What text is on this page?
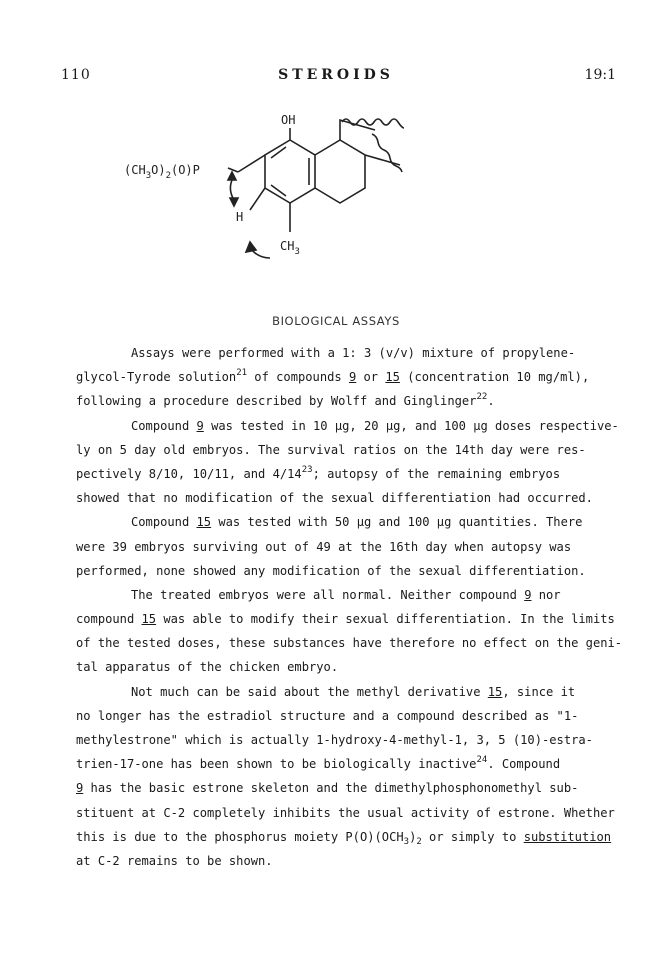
110	STEROIDS	19:1
OH
$(CH_3O)_2(O)P$
H
$CH_3$
BIOLOGICAL ASSAYS
Assays were performed with a 1: 3 (v/v) mixture of propylene-
glycol-Tyrode solution$^{21}$ of compounds 9 or 15 (concentration 10 mg/ml),
following a procedure described by Wolff and Ginglinger$^{22}$.
Compound 9 was tested in 10 µg, 20 µg, and 100 µg doses respective-
ly on 5 day old embryos. The survival ratios on the 14th day were res-
pectively 8/10, 10/11, and $4/14^{23}$; autopsy of the remaining embryos
showed that no modification of the sexual differentiation had occurred.
Compound 15 was tested with 50 µg and 100 µg quantities. There
were 39 embryos surviving out of 49 at the 16th day when autopsy was
performed, none showed any modification of the sexual differentiation.
The treated embryos were all normal. Neither compound 9 nor
compound 15 was able to modify their sexual differentiation. In the limits
of the tested doses, these substances have therefore no effect on the geni-
tal apparatus of the chicken embryo.
Not much can be said about the methyl derivative 15, since it
no longer has the estradiol structure and a compound described as "1-
methylestrone" which is actually 1-hydroxy-4-methyl-1, 3, 5 (10)-estra-
trien-17-one has been shown to be biologically inactive$^{24}$. Compound
9 has the basic estrone skeleton and the dimethylphosphonomethyl sub-
stituent at C-2 completely inhibits the usual activity of estrone. Whether
this is due to the phosphorus moiety $P(O)(OCH_3)_2$ or simply to substitution
at C-2 remains to be shown.
